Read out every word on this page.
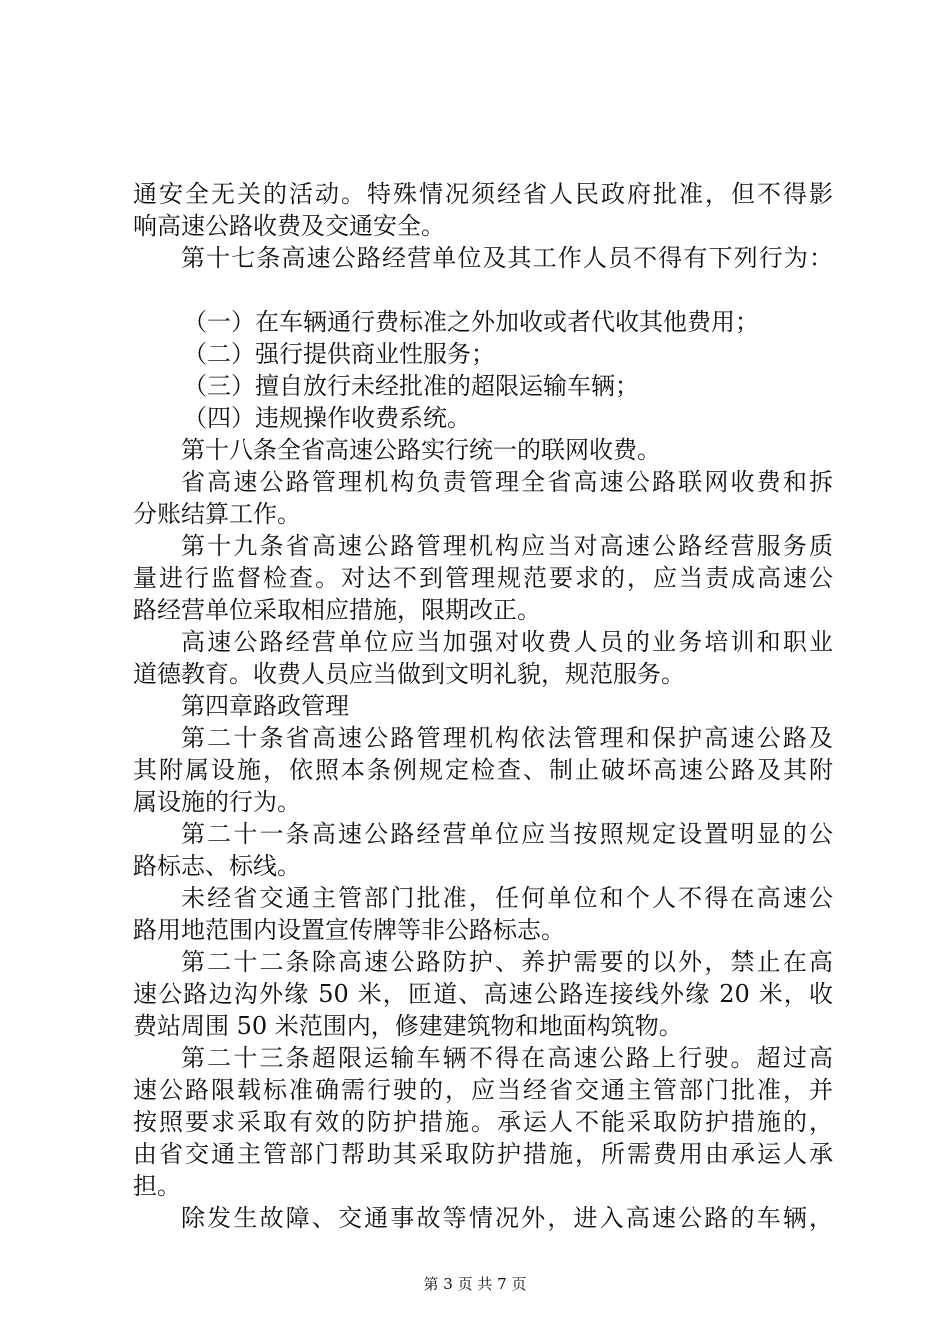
通安全无关的活动。特殊情况须经省人民政府批准，但不得影
响高速公路收费及交通安全。
第十七条高速公路经营单位及其工作人员不得有下列行为：
（一）在车辆通行费标准之外加收或者代收其他费用；
（二）强行提供商业性服务；
（三）擅自放行未经批准的超限运输车辆；
（四）违规操作收费系统。
第十八条全省高速公路实行统一的联网收费。
省高速公路管理机构负责管理全省高速公路联网收费和拆
分账结算工作。
第十九条省高速公路管理机构应当对高速公路经营服务质
量进行监督检查。对达不到管理规范要求的，应当责成高速公
路经营单位采取相应措施，限期改正。
高速公路经营单位应当加强对收费人员的业务培训和职业
道德教育。收费人员应当做到文明礼貌，规范服务。
第四章路政管理
第二十条省高速公路管理机构依法管理和保护高速公路及
其附属设施，依照本条例规定检查、制止破坏高速公路及其附
属设施的行为。
第二十一条高速公路经营单位应当按照规定设置明显的公
路标志、标线。
未经省交通主管部门批准，任何单位和个人不得在高速公
路用地范围内设置宣传牌等非公路标志。
第二十二条除高速公路防护、养护需要的以外，禁止在高
速公路边沟外缘 50 米，匝道、高速公路连接线外缘 20 米，收
费站周围 50 米范围内，修建建筑物和地面构筑物。
第二十三条超限运输车辆不得在高速公路上行驶。超过高
速公路限载标准确需行驶的，应当经省交通主管部门批准，并
按照要求采取有效的防护措施。承运人不能采取防护措施的，
由省交通主管部门帮助其采取防护措施，所需费用由承运人承
担。
除发生故障、交通事故等情况外，进入高速公路的车辆，
第 3 页 共 7 页
